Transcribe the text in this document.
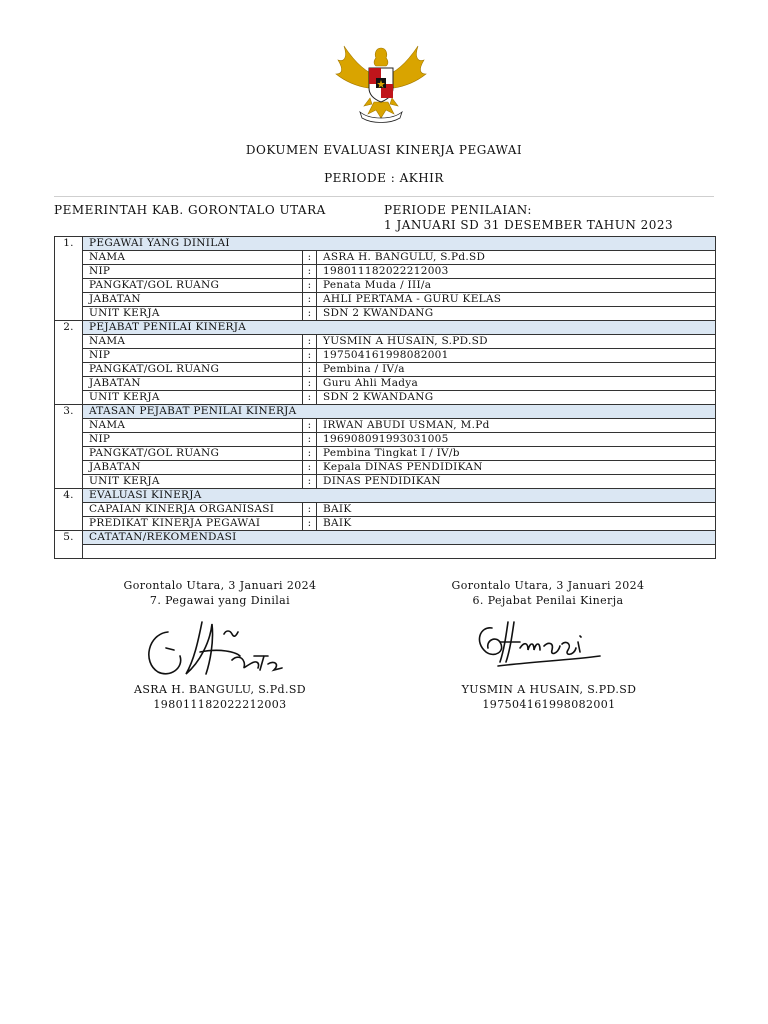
DOKUMEN EVALUASI KINERJA PEGAWAI
PERIODE : AKHIR
PEMERINTAH KAB. GORONTALO UTARA	PERIODE PENILAIAN:
1 JANUARI SD 31 DESEMBER TAHUN 2023
1.	PEGAWAI YANG DINILAI		
	NAMA	:	ASRA H. BANGULU, S.Pd.SD
	NIP	:	198011182022212003
	PANGKAT/GOL RUANG	:	Penata Muda / III/a
	JABATAN	:	AHLI PERTAMA - GURU KELAS
	UNIT KERJA	:	SDN 2 KWANDANG
2.	PEJABAT PENILAI KINERJA		
	NAMA	:	YUSMIN A HUSAIN, S.PD.SD
	NIP	:	197504161998082001
	PANGKAT/GOL RUANG	:	Pembina / IV/a
	JABATAN	:	Guru Ahli Madya
	UNIT KERJA	:	SDN 2 KWANDANG
3.	ATASAN PEJABAT PENILAI KINERJA		
	NAMA	:	IRWAN ABUDI USMAN, M.Pd
	NIP	:	196908091993031005
	PANGKAT/GOL RUANG	:	Pembina Tingkat I / IV/b
	JABATAN	:	Kepala DINAS PENDIDIKAN
	UNIT KERJA	:	DINAS PENDIDIKAN
4.	EVALUASI KINERJA		
	CAPAIAN KINERJA ORGANISASI	:	BAIK
	PREDIKAT KINERJA PEGAWAI	:	BAIK
5.	CATATAN/REKOMENDASI		

Gorontalo Utara, 3 Januari 2024
7. Pegawai yang Dinilai
ASRA H. BANGULU, S.Pd.SD
198011182022212003
Gorontalo Utara, 3 Januari 2024
6. Pejabat Penilai Kinerja
YUSMIN A HUSAIN, S.PD.SD
197504161998082001
